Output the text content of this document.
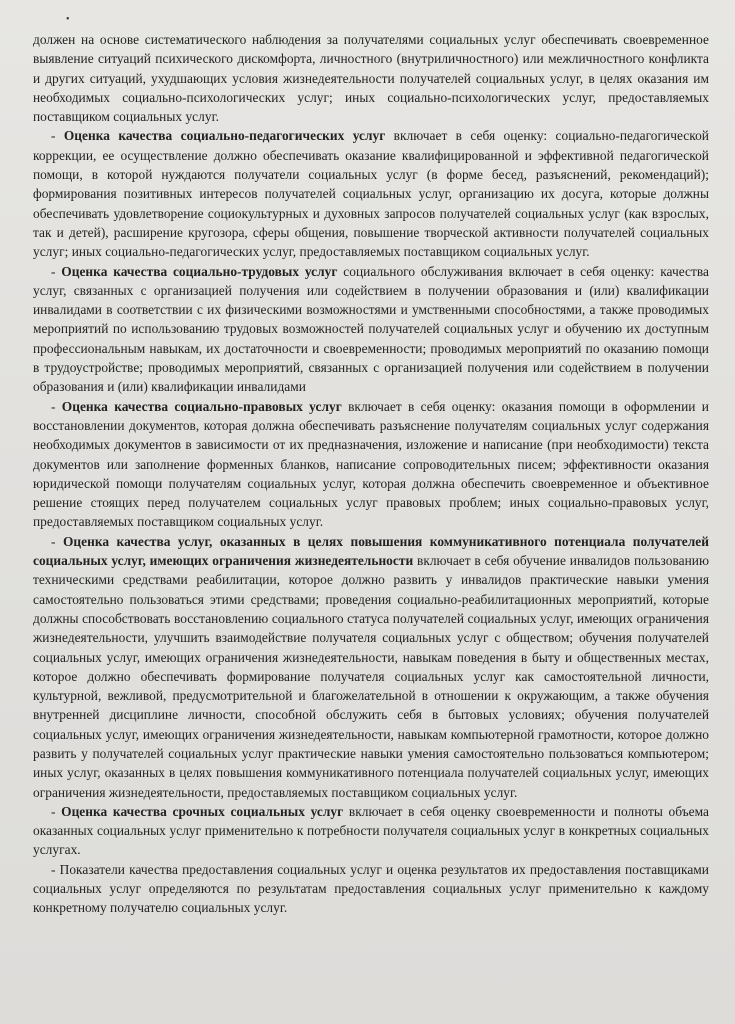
•

должен на основе систематического наблюдения за получателями социальных услуг обеспечивать своевременное выявление ситуаций психического дискомфорта, личностного (внутриличностного) или межличностного конфликта и других ситуаций, ухудшающих условия жизнедеятельности получателей социальных услуг, в целях оказания им необходимых социально-психологических услуг; иных социально-психологических услуг, предоставляемых поставщиком социальных услуг.

- Оценка качества социально-педагогических услуг включает в себя оценку: социально-педагогической коррекции, ее осуществление должно обеспечивать оказание квалифицированной и эффективной педагогической помощи, в которой нуждаются получатели социальных услуг (в форме бесед, разъяснений, рекомендаций); формирования позитивных интересов получателей социальных услуг, организацию их досуга, которые должны обеспечивать удовлетворение социокультурных и духовных запросов получателей социальных услуг (как взрослых, так и детей), расширение кругозора, сферы общения, повышение творческой активности получателей социальных услуг; иных социально-педагогических услуг, предоставляемых поставщиком социальных услуг.

- Оценка качества социально-трудовых услуг социального обслуживания включает в себя оценку: качества услуг, связанных с организацией получения или содействием в получении образования и (или) квалификации инвалидами в соответствии с их физическими возможностями и умственными способностями, а также проводимых мероприятий по использованию трудовых возможностей получателей социальных услуг и обучению их доступным профессиональным навыкам, их достаточности и своевременности; проводимых мероприятий по оказанию помощи в трудоустройстве; проводимых мероприятий, связанных с организацией получения или содействием в получении образования и (или) квалификации инвалидами

- Оценка качества социально-правовых услуг включает в себя оценку: оказания помощи в оформлении и восстановлении документов, которая должна обеспечивать разъяснение получателям социальных услуг содержания необходимых документов в зависимости от их предназначения, изложение и написание (при необходимости) текста документов или заполнение форменных бланков, написание сопроводительных писем; эффективности оказания юридической помощи получателям социальных услуг, которая должна обеспечить своевременное и объективное решение стоящих перед получателем социальных услуг правовых проблем; иных социально-правовых услуг, предоставляемых поставщиком социальных услуг.

- Оценка качества услуг, оказанных в целях повышения коммуникативного потенциала получателей социальных услуг, имеющих ограничения жизнедеятельности включает в себя обучение инвалидов пользованию техническими средствами реабилитации, которое должно развить у инвалидов практические навыки умения самостоятельно пользоваться этими средствами; проведения социально-реабилитационных мероприятий, которые должны способствовать восстановлению социального статуса получателей социальных услуг, имеющих ограничения жизнедеятельности, улучшить взаимодействие получателя социальных услуг с обществом; обучения получателей социальных услуг, имеющих ограничения жизнедеятельности, навыкам поведения в быту и общественных местах, которое должно обеспечивать формирование получателя социальных услуг как самостоятельной личности, культурной, вежливой, предусмотрительной и благожелательной в отношении к окружающим, а также обучения внутренней дисциплине личности, способной обслужить себя в бытовых условиях; обучения получателей социальных услуг, имеющих ограничения жизнедеятельности, навыкам компьютерной грамотности, которое должно развить у получателей социальных услуг практические навыки умения самостоятельно пользоваться компьютером; иных услуг, оказанных в целях повышения коммуникативного потенциала получателей социальных услуг, имеющих ограничения жизнедеятельности, предоставляемых поставщиком социальных услуг.

- Оценка качества срочных социальных услуг включает в себя оценку своевременности и полноты объема оказанных социальных услуг применительно к потребности получателя социальных услуг в конкретных социальных услугах.

- Показатели качества предоставления социальных услуг и оценка результатов их предоставления поставщиками социальных услуг определяются по результатам предоставления социальных услуг применительно к каждому конкретному получателю социальных услуг.
